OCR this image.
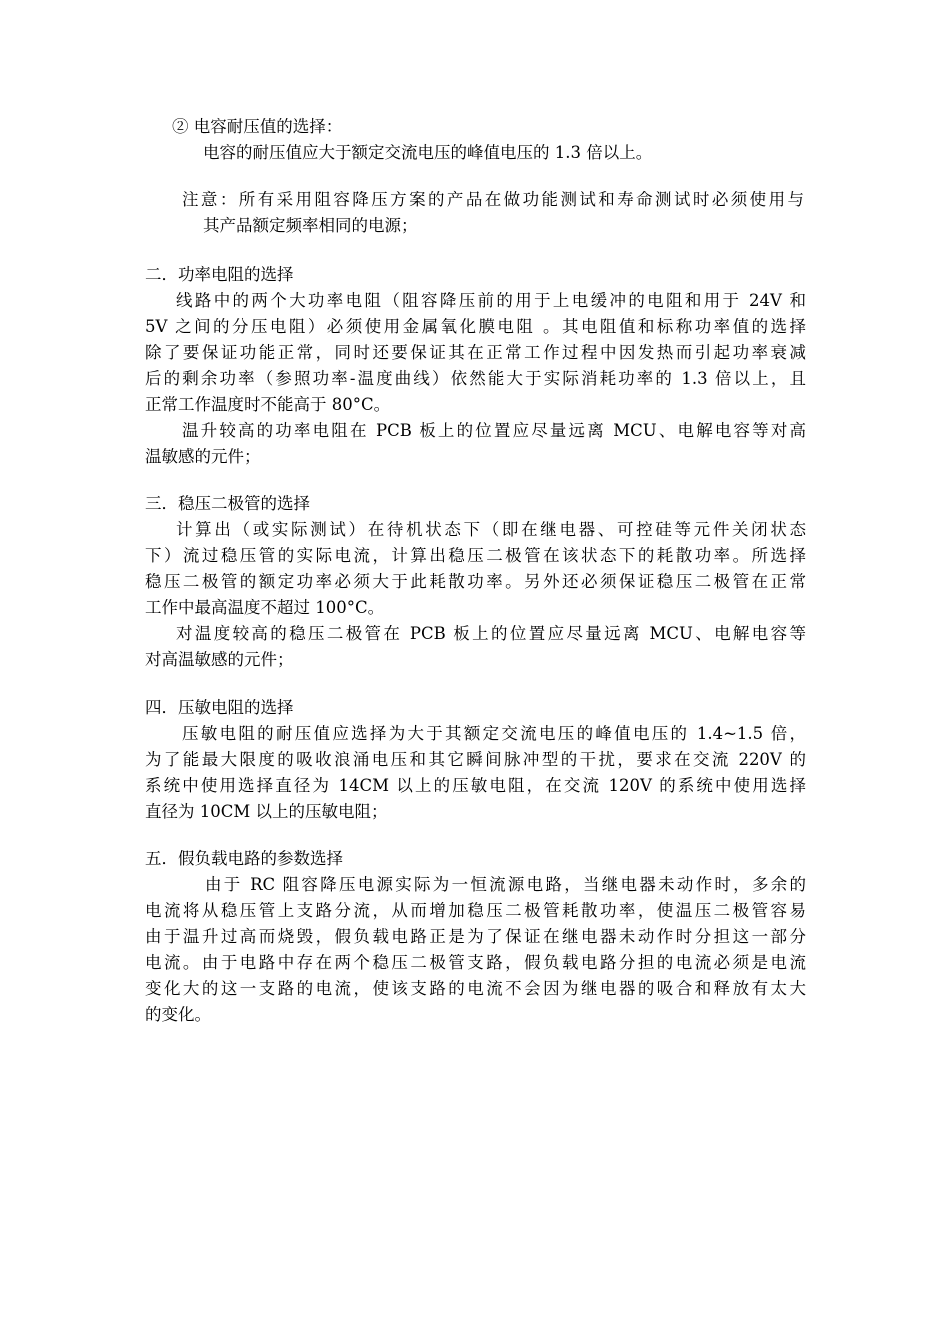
② 电容耐压值的选择：
电容的耐压值应大于额定交流电压的峰值电压的 1.3 倍以上。
注意：所有采用阻容降压方案的产品在做功能测试和寿命测试时必须使用与
其产品额定频率相同的电源；
二．功率电阻的选择
线路中的两个大功率电阻（阻容降压前的用于上电缓冲的电阻和用于 24V 和
5V 之间的分压电阻）必须使用金属氧化膜电阻 。其电阻值和标称功率值的选择
除了要保证功能正常，同时还要保证其在正常工作过程中因发热而引起功率衰减
后的剩余功率（参照功率-温度曲线）依然能大于实际消耗功率的 1.3 倍以上，且
正常工作温度时不能高于 80°C。
温升较高的功率电阻在 PCB 板上的位置应尽量远离 MCU、电解电容等对高
温敏感的元件；
三．稳压二极管的选择
计算出（或实际测试）在待机状态下（即在继电器、可控硅等元件关闭状态
下）流过稳压管的实际电流，计算出稳压二极管在该状态下的耗散功率。所选择
稳压二极管的额定功率必须大于此耗散功率。另外还必须保证稳压二极管在正常
工作中最高温度不超过 100°C。
对温度较高的稳压二极管在 PCB 板上的位置应尽量远离 MCU、电解电容等
对高温敏感的元件；
四．压敏电阻的选择
压敏电阻的耐压值应选择为大于其额定交流电压的峰值电压的 1.4~1.5 倍，
为了能最大限度的吸收浪涌电压和其它瞬间脉冲型的干扰，要求在交流 220V 的
系统中使用选择直径为 14CM 以上的压敏电阻，在交流 120V 的系统中使用选择
直径为 10CM 以上的压敏电阻；
五．假负载电路的参数选择
由于 RC 阻容降压电源实际为一恒流源电路，当继电器未动作时，多余的
电流将从稳压管上支路分流，从而增加稳压二极管耗散功率，使温压二极管容易
由于温升过高而烧毁，假负载电路正是为了保证在继电器未动作时分担这一部分
电流。由于电路中存在两个稳压二极管支路，假负载电路分担的电流必须是电流
变化大的这一支路的电流，使该支路的电流不会因为继电器的吸合和释放有太大
的变化。
